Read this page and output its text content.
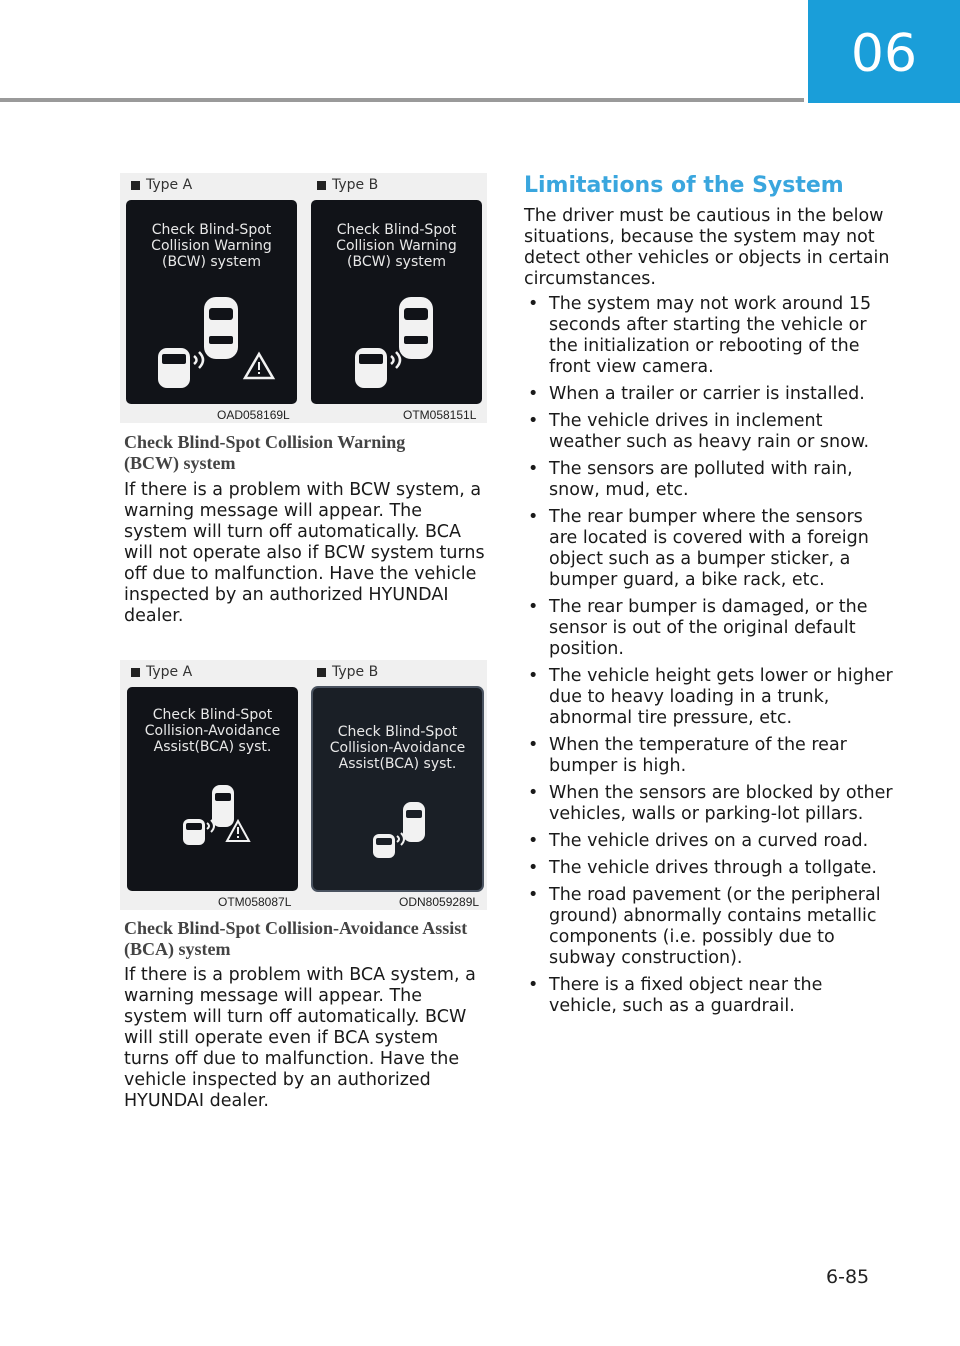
06
Type A
Check Blind-Spot
Collision Warning
(BCW) system
OAD058169L
Type B
Check Blind-Spot
Collision Warning
(BCW) system
OTM058151L
Check Blind-Spot Collision Warning (BCW) system
If there is a problem with BCW system, a warning message will appear. The system will turn off automatically. BCA will not operate also if BCW system turns off due to malfunction. Have the vehicle inspected by an authorized HYUNDAI dealer.
Type A
Check Blind-Spot
Collision-Avoidance
Assist(BCA) syst.
OTM058087L
Type B
Check Blind-Spot
Collision-Avoidance
Assist(BCA) syst.
ODN8059289L
Check Blind-Spot Collision-Avoidance Assist (BCA) system
If there is a problem with BCA system, a warning message will appear. The system will turn off automatically. BCW will still operate even if BCA system turns off due to malfunction. Have the vehicle inspected by an authorized HYUNDAI dealer.
Limitations of the System
The driver must be cautious in the below situations, because the system may not detect other vehicles or objects in certain circumstances.
• The system may not work around 15 seconds after starting the vehicle or the initialization or rebooting of the front view camera.
• When a trailer or carrier is installed.
• The vehicle drives in inclement weather such as heavy rain or snow.
• The sensors are polluted with rain, snow, mud, etc.
• The rear bumper where the sensors are located is covered with a foreign object such as a bumper sticker, a bumper guard, a bike rack, etc.
• The rear bumper is damaged, or the sensor is out of the original default position.
• The vehicle height gets lower or higher due to heavy loading in a trunk, abnormal tire pressure, etc.
• When the temperature of the rear bumper is high.
• When the sensors are blocked by other vehicles, walls or parking-lot pillars.
• The vehicle drives on a curved road.
• The vehicle drives through a tollgate.
• The road pavement (or the peripheral ground) abnormally contains metallic components (i.e. possibly due to subway construction).
• There is a fixed object near the vehicle, such as a guardrail.
6-85
